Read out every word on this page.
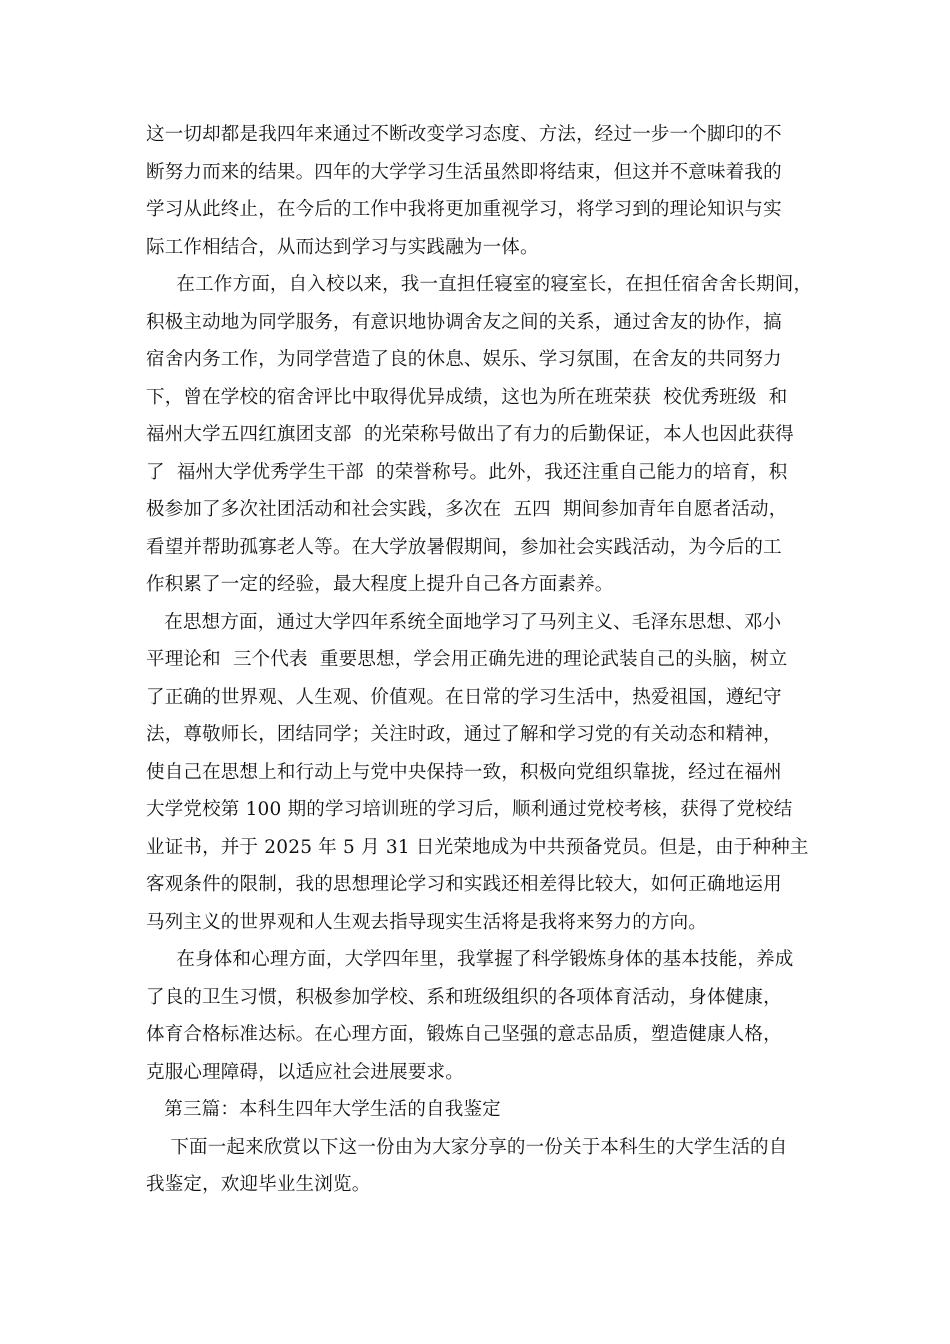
这一切却都是我四年来通过不断改变学习态度、方法，经过一步一个脚印的不
断努力而来的结果。四年的大学学习生活虽然即将结束，但这并不意味着我的
学习从此终止，在今后的工作中我将更加重视学习，将学习到的理论知识与实
际工作相结合，从而达到学习与实践融为一体。
在工作方面，自入校以来，我一直担任寝室的寝室长，在担任宿舍舍长期间，
积极主动地为同学服务，有意识地协调舍友之间的关系，通过舍友的协作，搞
宿舍内务工作，为同学营造了良的休息、娱乐、学习氛围，在舍友的共同努力
下，曾在学校的宿舍评比中取得优异成绩，这也为所在班荣获  校优秀班级  和
福州大学五四红旗团支部  的光荣称号做出了有力的后勤保证，本人也因此获得
了  福州大学优秀学生干部  的荣誉称号。此外，我还注重自己能力的培育，积
极参加了多次社团活动和社会实践，多次在  五四  期间参加青年自愿者活动，
看望并帮助孤寡老人等。在大学放暑假期间，参加社会实践活动，为今后的工
作积累了一定的经验，最大程度上提升自己各方面素养。
在思想方面，通过大学四年系统全面地学习了马列主义、毛泽东思想、邓小
平理论和  三个代表  重要思想，学会用正确先进的理论武装自己的头脑，树立
了正确的世界观、人生观、价值观。在日常的学习生活中，热爱祖国，遵纪守
法，尊敬师长，团结同学；关注时政，通过了解和学习党的有关动态和精神，
使自己在思想上和行动上与党中央保持一致，积极向党组织靠拢，经过在福州
大学党校第 100 期的学习培训班的学习后，顺利通过党校考核，获得了党校结
业证书，并于 2025 年 5 月 31 日光荣地成为中共预备党员。但是，由于种种主
客观条件的限制，我的思想理论学习和实践还相差得比较大，如何正确地运用
马列主义的世界观和人生观去指导现实生活将是我将来努力的方向。
在身体和心理方面，大学四年里，我掌握了科学锻炼身体的基本技能，养成
了良的卫生习惯，积极参加学校、系和班级组织的各项体育活动，身体健康，
体育合格标准达标。在心理方面，锻炼自己坚强的意志品质，塑造健康人格，
克服心理障碍，以适应社会进展要求。
第三篇：本科生四年大学生活的自我鉴定
下面一起来欣赏以下这一份由为大家分享的一份关于本科生的大学生活的自
我鉴定，欢迎毕业生浏览。
